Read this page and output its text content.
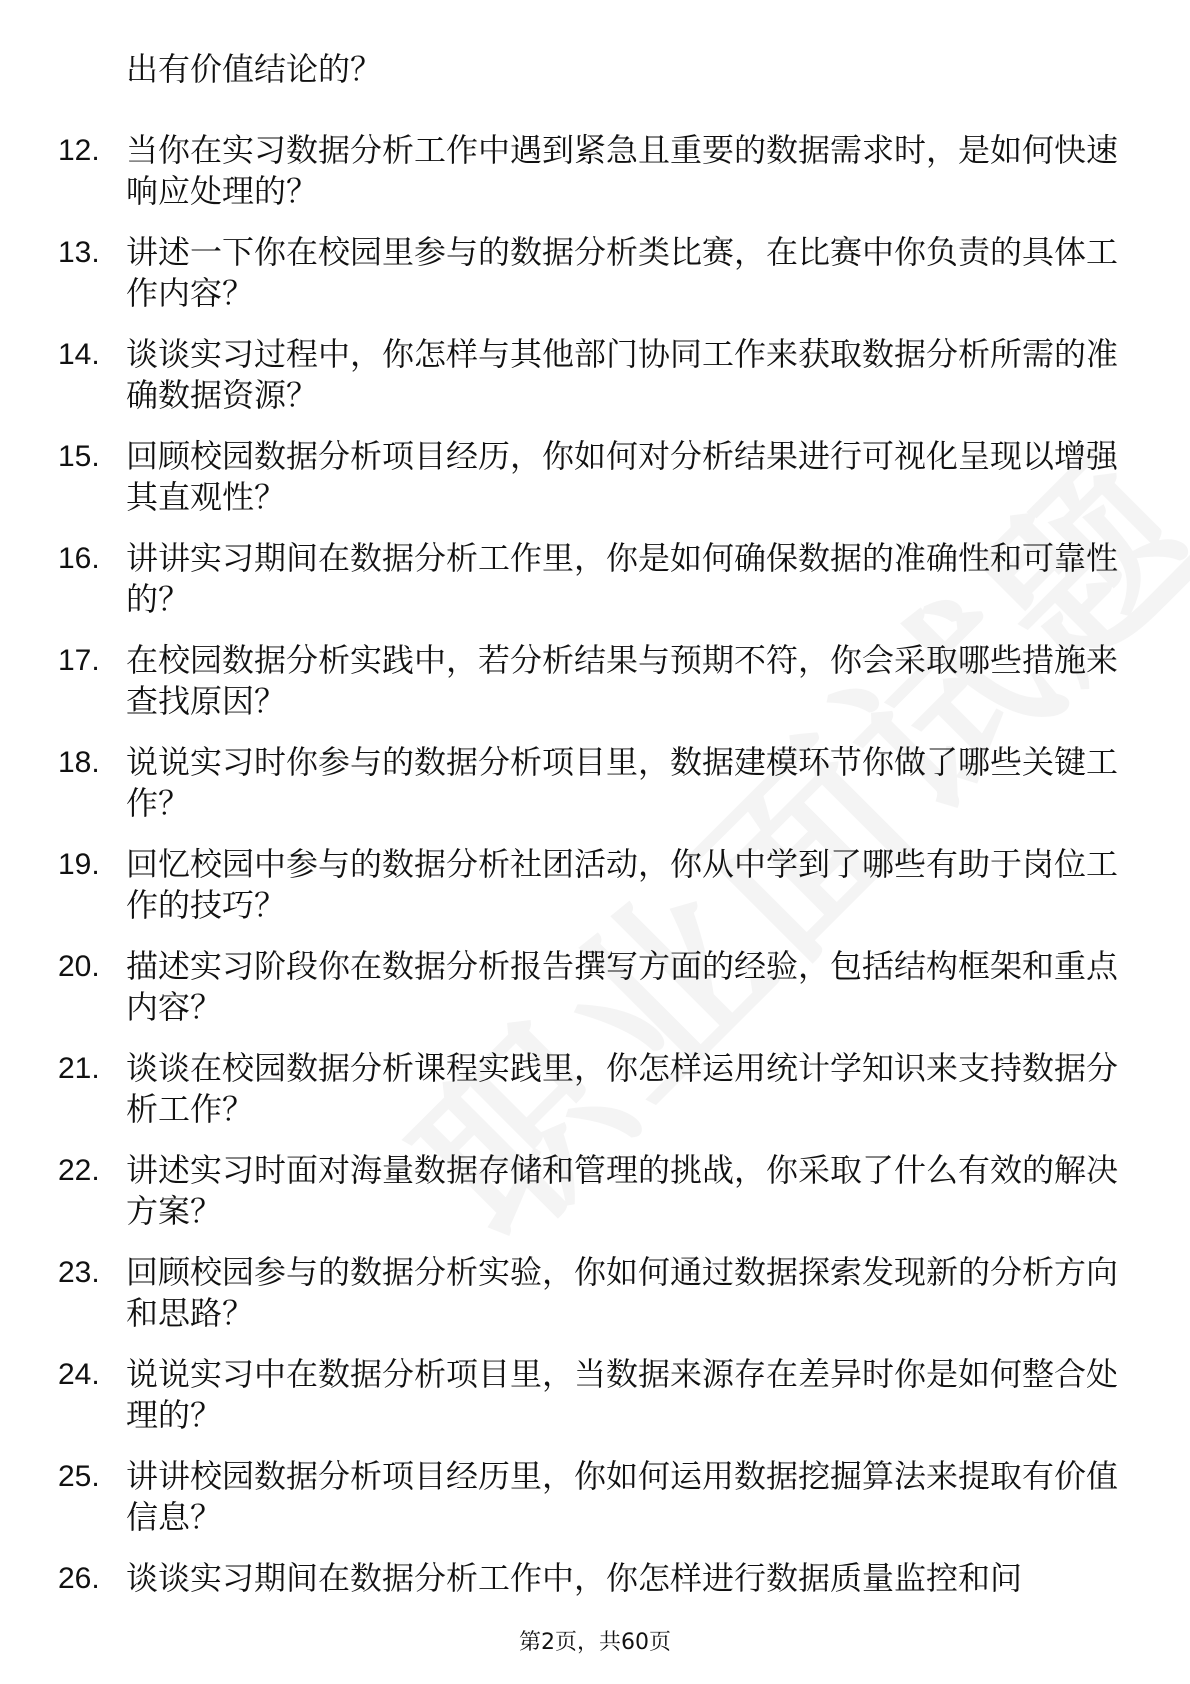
出有价值结论的？
12. 当你在实习数据分析工作中遇到紧急且重要的数据需求时，是如何快速响应处理的？
13. 讲述一下你在校园里参与的数据分析类比赛，在比赛中你负责的具体工作内容？
14. 谈谈实习过程中，你怎样与其他部门协同工作来获取数据分析所需的准确数据资源？
15. 回顾校园数据分析项目经历，你如何对分析结果进行可视化呈现以增强其直观性？
16. 讲讲实习期间在数据分析工作里，你是如何确保数据的准确性和可靠性的？
17. 在校园数据分析实践中，若分析结果与预期不符，你会采取哪些措施来查找原因？
18. 说说实习时你参与的数据分析项目里，数据建模环节你做了哪些关键工作？
19. 回忆校园中参与的数据分析社团活动，你从中学到了哪些有助于岗位工作的技巧？
20. 描述实习阶段你在数据分析报告撰写方面的经验，包括结构框架和重点内容？
21. 谈谈在校园数据分析课程实践里，你怎样运用统计学知识来支持数据分析工作？
22. 讲述实习时面对海量数据存储和管理的挑战，你采取了什么有效的解决方案？
23. 回顾校园参与的数据分析实验，你如何通过数据探索发现新的分析方向和思路？
24. 说说实习中在数据分析项目里，当数据来源存在差异时你是如何整合处理的？
25. 讲讲校园数据分析项目经历里，你如何运用数据挖掘算法来提取有价值信息？
26. 谈谈实习期间在数据分析工作中，你怎样进行数据质量监控和问
第2页，共60页
